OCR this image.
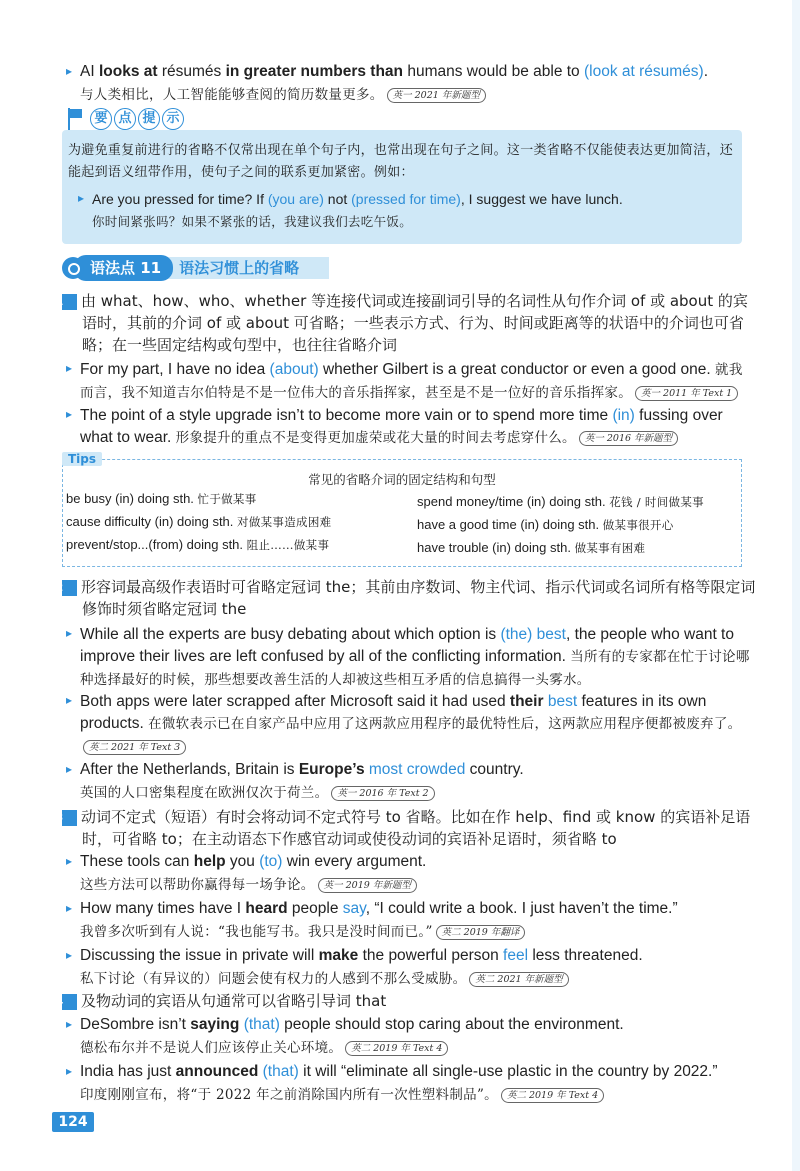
▸ AI looks at résumés in greater numbers than humans would be able to (look at résumés).
与人类相比，人工智能能够查阅的简历数量更多。 英一 2021 年新题型
要 点 提 示
为避免重复前进行的省略不仅常出现在单个句子内，也常出现在句子之间。这一类省略不仅能使表达更加简洁，还能起到语义纽带作用，使句子之间的联系更加紧密。例如：
▸ Are you pressed for time? If (you are) not (pressed for time), I suggest we have lunch.
你时间紧张吗？如果不紧张的话，我建议我们去吃午饭。
语法点 11	语法习惯上的省略
1 由 what、how、who、whether 等连接代词或连接副词引导的名词性从句作介词 of 或 about 的宾语时，其前的介词 of 或 about 可省略；一些表示方式、行为、时间或距离等的状语中的介词也可省略；在一些固定结构或句型中，也往往省略介词
▸ For my part, I have no idea (about) whether Gilbert is a great conductor or even a good one. 就我而言，我不知道吉尔伯特是不是一位伟大的音乐指挥家，甚至是不是一位好的音乐指挥家。 英一 2011 年 Text 1
▸ The point of a style upgrade isn’t to become more vain or to spend more time (in) fussing over what to wear. 形象提升的重点不是变得更加虚荣或花大量的时间去考虑穿什么。 英一 2016 年新题型
Tips
常见的省略介词的固定结构和句型
be busy (in) doing sth. 忙于做某事
cause difficulty (in) doing sth. 对做某事造成困难
prevent/stop...(from) doing sth. 阻止……做某事
spend money/time (in) doing sth. 花钱 / 时间做某事
have a good time (in) doing sth. 做某事很开心
have trouble (in) doing sth. 做某事有困难
2 形容词最高级作表语时可省略定冠词 the；其前由序数词、物主代词、指示代词或名词所有格等限定词修饰时须省略定冠词 the
▸ While all the experts are busy debating about which option is (the) best, the people who want to improve their lives are left confused by all of the conflicting information. 当所有的专家都在忙于讨论哪种选择最好的时候，那些想要改善生活的人却被这些相互矛盾的信息搞得一头雾水。
▸ Both apps were later scrapped after Microsoft said it had used their best features in its own products. 在微软表示已在自家产品中应用了这两款应用程序的最优特性后，这两款应用程序便都被废弃了。英二 2021 年 Text 3
▸ After the Netherlands, Britain is Europe’s most crowded country.
英国的人口密集程度在欧洲仅次于荷兰。 英一 2016 年 Text 2
3 动词不定式（短语）有时会将动词不定式符号 to 省略。比如在作 help、find 或 know 的宾语补足语时，可省略 to；在主动语态下作感官动词或使役动词的宾语补足语时，须省略 to
▸ These tools can help you (to) win every argument.
这些方法可以帮助你赢得每一场争论。 英一 2019 年新题型
▸ How many times have I heard people say, “I could write a book. I just haven’t the time.”
我曾多次听到有人说：“我也能写书。我只是没时间而已。” 英二 2019 年翻译
▸ Discussing the issue in private will make the powerful person feel less threatened.
私下讨论（有异议的）问题会使有权力的人感到不那么受威胁。 英二 2021 年新题型
4 及物动词的宾语从句通常可以省略引导词 that
▸ DeSombre isn’t saying (that) people should stop caring about the environment.
德松布尔并不是说人们应该停止关心环境。 英二 2019 年 Text 4
▸ India has just announced (that) it will “eliminate all single-use plastic in the country by 2022.”
印度刚刚宣布，将“于 2022 年之前消除国内所有一次性塑料制品”。 英二 2019 年 Text 4
124
